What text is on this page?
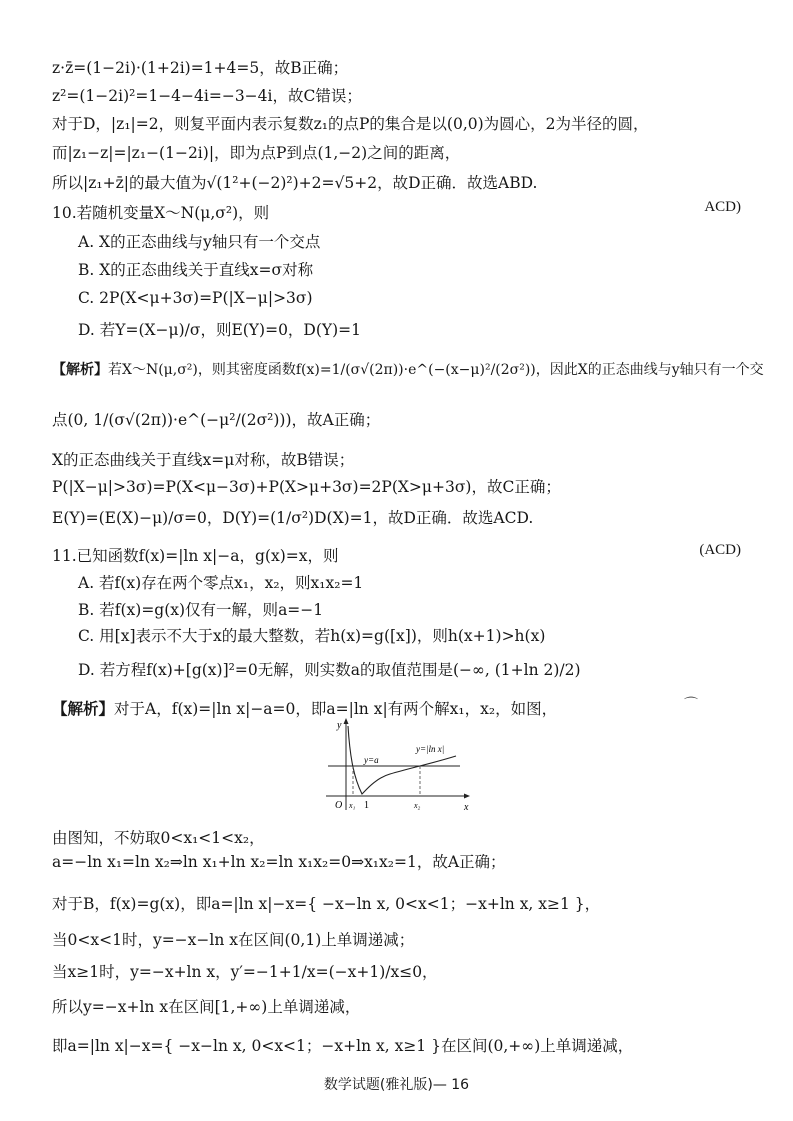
z·z̄=(1−2i)·(1+2i)=1+4=5，故B正确；
z²=(1−2i)²=1−4−4i=−3−4i，故C错误；
对于D，|z₁|=2，则复平面内表示复数z₁的点P的集合是以(0,0)为圆心，2为半径的圆，
而|z₁−z|=|z₁−(1−2i)|，即为点P到点(1,−2)之间的距离，
所以|z₁+z̄|的最大值为√(1²+(−2)²)+2=√5+2，故D正确．故选ABD.
10.若随机变量X～N(μ,σ²)，则	ACD)
A. X的正态曲线与y轴只有一个交点
B. X的正态曲线关于直线x=σ对称
C. 2P(X<μ+3σ)=P(|X−μ|>3σ)
D. 若Y=(X−μ)/σ，则E(Y)=0，D(Y)=1
【解析】若X～N(μ,σ²)，则其密度函数f(x)=1/(σ√(2π))·e^(−(x−μ)²/(2σ²))，因此X的正态曲线与y轴只有一个交
点(0, 1/(σ√(2π))·e^(−μ²/(2σ²)))，故A正确；
X的正态曲线关于直线x=μ对称，故B错误；
P(|X−μ|>3σ)=P(X<μ−3σ)+P(X>μ+3σ)=2P(X>μ+3σ)，故C正确；
E(Y)=(E(X)−μ)/σ=0，D(Y)=(1/σ²)D(X)=1，故D正确．故选ACD.
11.已知函数f(x)=|ln x|−a，g(x)=x，则	(ACD)
A. 若f(x)存在两个零点x₁，x₂，则x₁x₂=1
B. 若f(x)=g(x)仅有一解，则a=−1
C. 用[x]表示不大于x的最大整数，若h(x)=g([x])，则h(x+1)>h(x)
D. 若方程f(x)+[g(x)]²=0无解，则实数a的取值范围是(−∞, (1+ln 2)/2)
【解析】对于A，f(x)=|ln x|−a=0，即a=|ln x|有两个解x₁，x₂，如图，	⌒
y
x
O x₁ 1	x₂
y=a
y=|ln x|
由图知，不妨取0<x₁<1<x₂，
a=−ln x₁=ln x₂⇒ln x₁+ln x₂=ln x₁x₂=0⇒x₁x₂=1，故A正确；
对于B，f(x)=g(x)，即a=|ln x|−x={ −x−ln x, 0<x<1；−x+ln x, x≥1 }，
当0<x<1时，y=−x−ln x在区间(0,1)上单调递减；
当x≥1时，y=−x+ln x，y′=−1+1/x=(−x+1)/x≤0，
所以y=−x+ln x在区间[1,+∞)上单调递减，
即a=|ln x|−x={ −x−ln x, 0<x<1；−x+ln x, x≥1 }在区间(0,+∞)上单调递减，
数学试题(雅礼版)— 16
